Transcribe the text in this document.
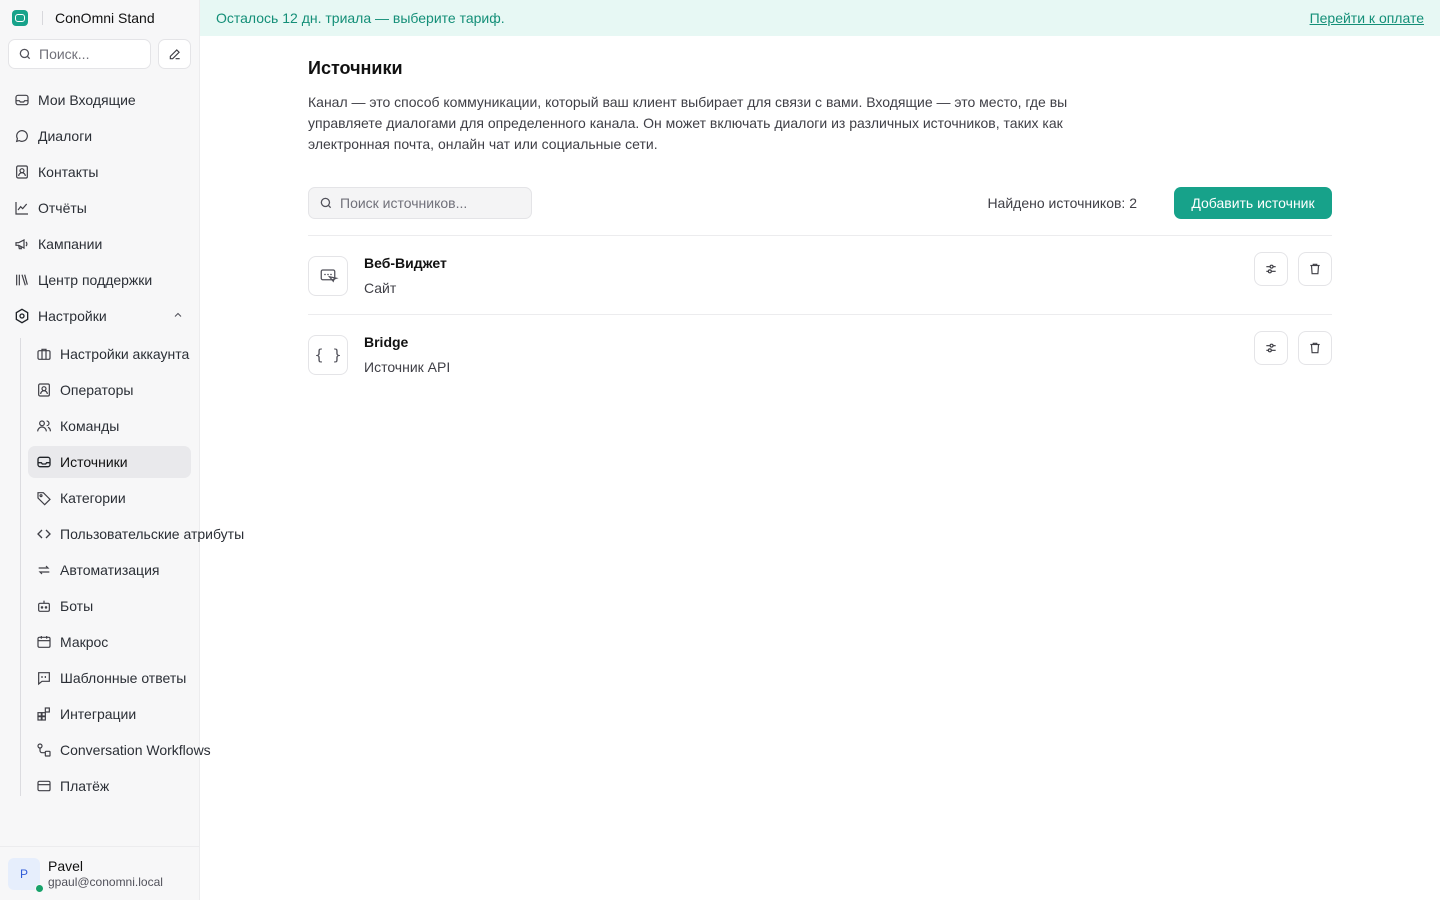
ConOmni Stand
Поиск...
Мои Входящие
Диалоги
Контакты
Отчёты
Кампании
Центр поддержки
Настройки
Настройки аккаунта
Операторы
Команды
Источники
Категории
Пользовательские атрибуты
Автоматизация
Боты
Макрос
Шаблонные ответы
Интеграции
Conversation Workflows
Платёж
P Pavel
gpaul@conomni.local
Осталось 12 дн. триала — выберите тариф.	Перейти к оплате
Источники

Канал — это способ коммуникации, который ваш клиент выбирает для связи с вами. Входящие — это место, где вы управляете диалогами для определенного канала. Он может включать диалоги из различных источников, таких как электронная почта, онлайн чат или социальные сети.

Поиск источников...
Найдено источников: 2	Добавить источник
Веб-Виджет
Сайт
{ }
Bridge
Источник API
